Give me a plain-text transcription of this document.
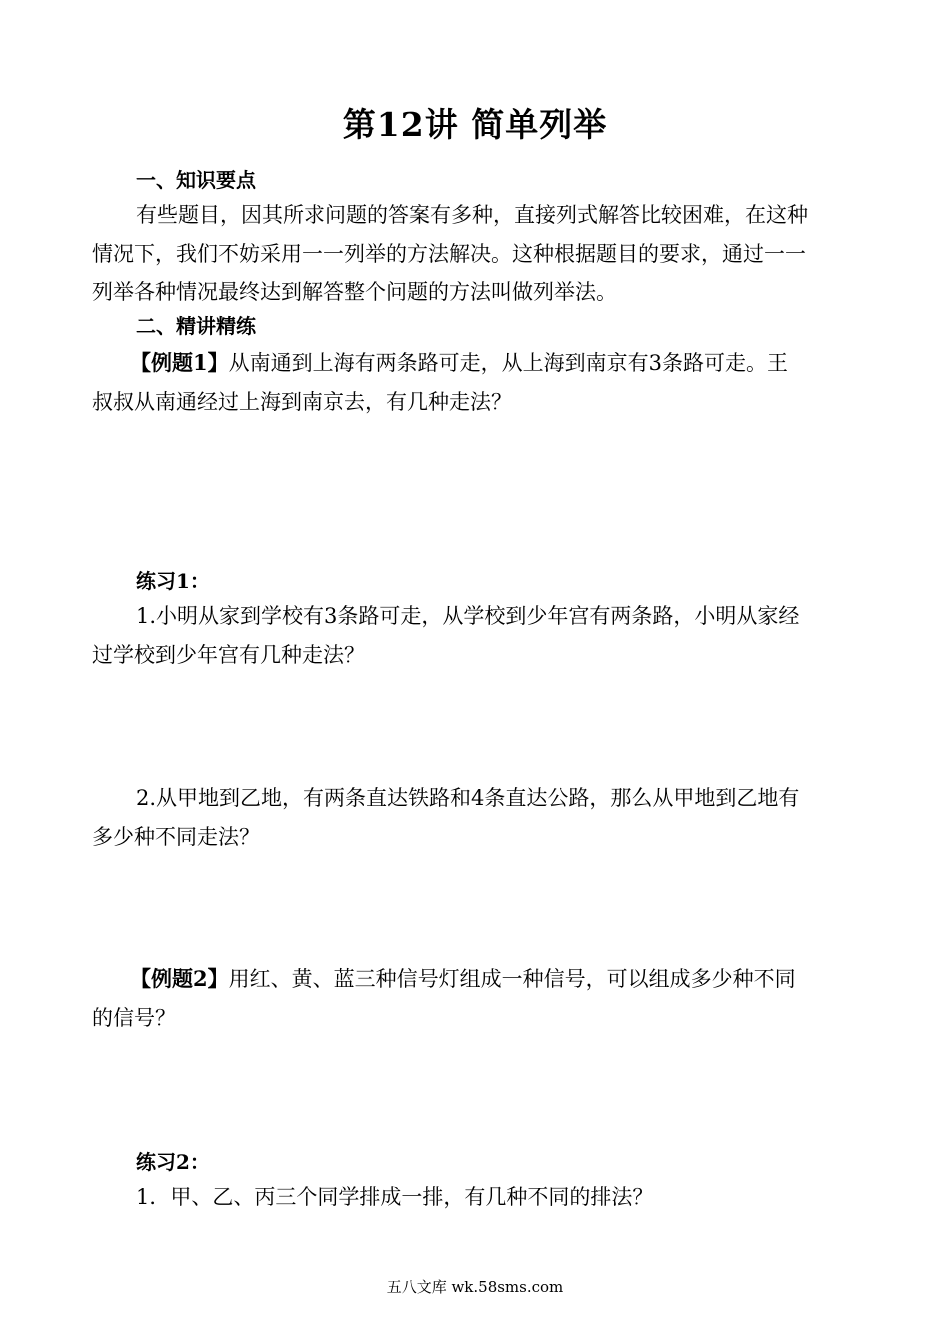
第12讲 简单列举
一、知识要点
有些题目，因其所求问题的答案有多种，直接列式解答比较困难，在这种
情况下，我们不妨采用一一列举的方法解决。这种根据题目的要求，通过一一
列举各种情况最终达到解答整个问题的方法叫做列举法。
二、精讲精练
【例题1】从南通到上海有两条路可走，从上海到南京有3条路可走。王
叔叔从南通经过上海到南京去，有几种走法？
练习1：
1.小明从家到学校有3条路可走，从学校到少年宫有两条路，小明从家经
过学校到少年宫有几种走法？
2.从甲地到乙地，有两条直达铁路和4条直达公路，那么从甲地到乙地有
多少种不同走法？
【例题2】用红、黄、蓝三种信号灯组成一种信号，可以组成多少种不同
的信号？
练习2：
1．甲、乙、丙三个同学排成一排，有几种不同的排法？
五八文库 wk.58sms.com
